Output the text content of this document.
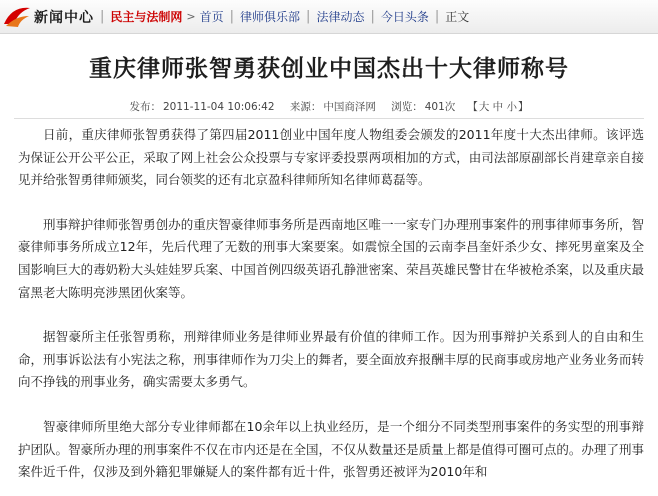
新闻中心 | 民主与法制网 > 首页 | 律师俱乐部 | 法律动态 | 今日头条 | 正文
重庆律师张智勇获创业中国杰出十大律师称号
发布： 2011-11-04 10:06:42 来源： 中国商泽网 浏览： 401次 【大 中 小】

日前，重庆律师张智勇获得了第四届2011创业中国年度人物组委会颁发的2011年度十大杰出律师。该评选为保证公开公平公正，采取了网上社会公众投票与专家评委投票两项相加的方式，由司法部原副部长肖建章亲自接见并给张智勇律师颁奖，同台领奖的还有北京盈科律师所知名律师葛磊等。

刑事辩护律师张智勇创办的重庆智豪律师事务所是西南地区唯一一家专门办理刑事案件的刑事律师事务所，智豪律师事务所成立12年，先后代理了无数的刑事大案要案。如震惊全国的云南李昌奎奸杀少女、摔死男童案及全国影响巨大的毒奶粉大头娃娃罗兵案、中国首例四级英语孔静泄密案、荣昌英雄民警甘在华被枪杀案，以及重庆最富黑老大陈明亮涉黑团伙案等。

据智豪所主任张智勇称，刑辩律师业务是律师业界最有价值的律师工作。因为刑事辩护关系到人的自由和生命，刑事诉讼法有小宪法之称，刑事律师作为刀尖上的舞者，要全面放弃报酬丰厚的民商事或房地产业务业务而转向不挣钱的刑事业务，确实需要太多勇气。

智豪律师所里绝大部分专业律师都在10余年以上执业经历，是一个细分不同类型刑事案件的务实型的刑事辩护团队。智豪所办理的刑事案件不仅在市内还是在全国，不仅从数量还是质量上都是值得可圈可点的。办理了刑事案件近千件，仅涉及到外籍犯罪嫌疑人的案件都有近十件，张智勇还被评为2010年和
